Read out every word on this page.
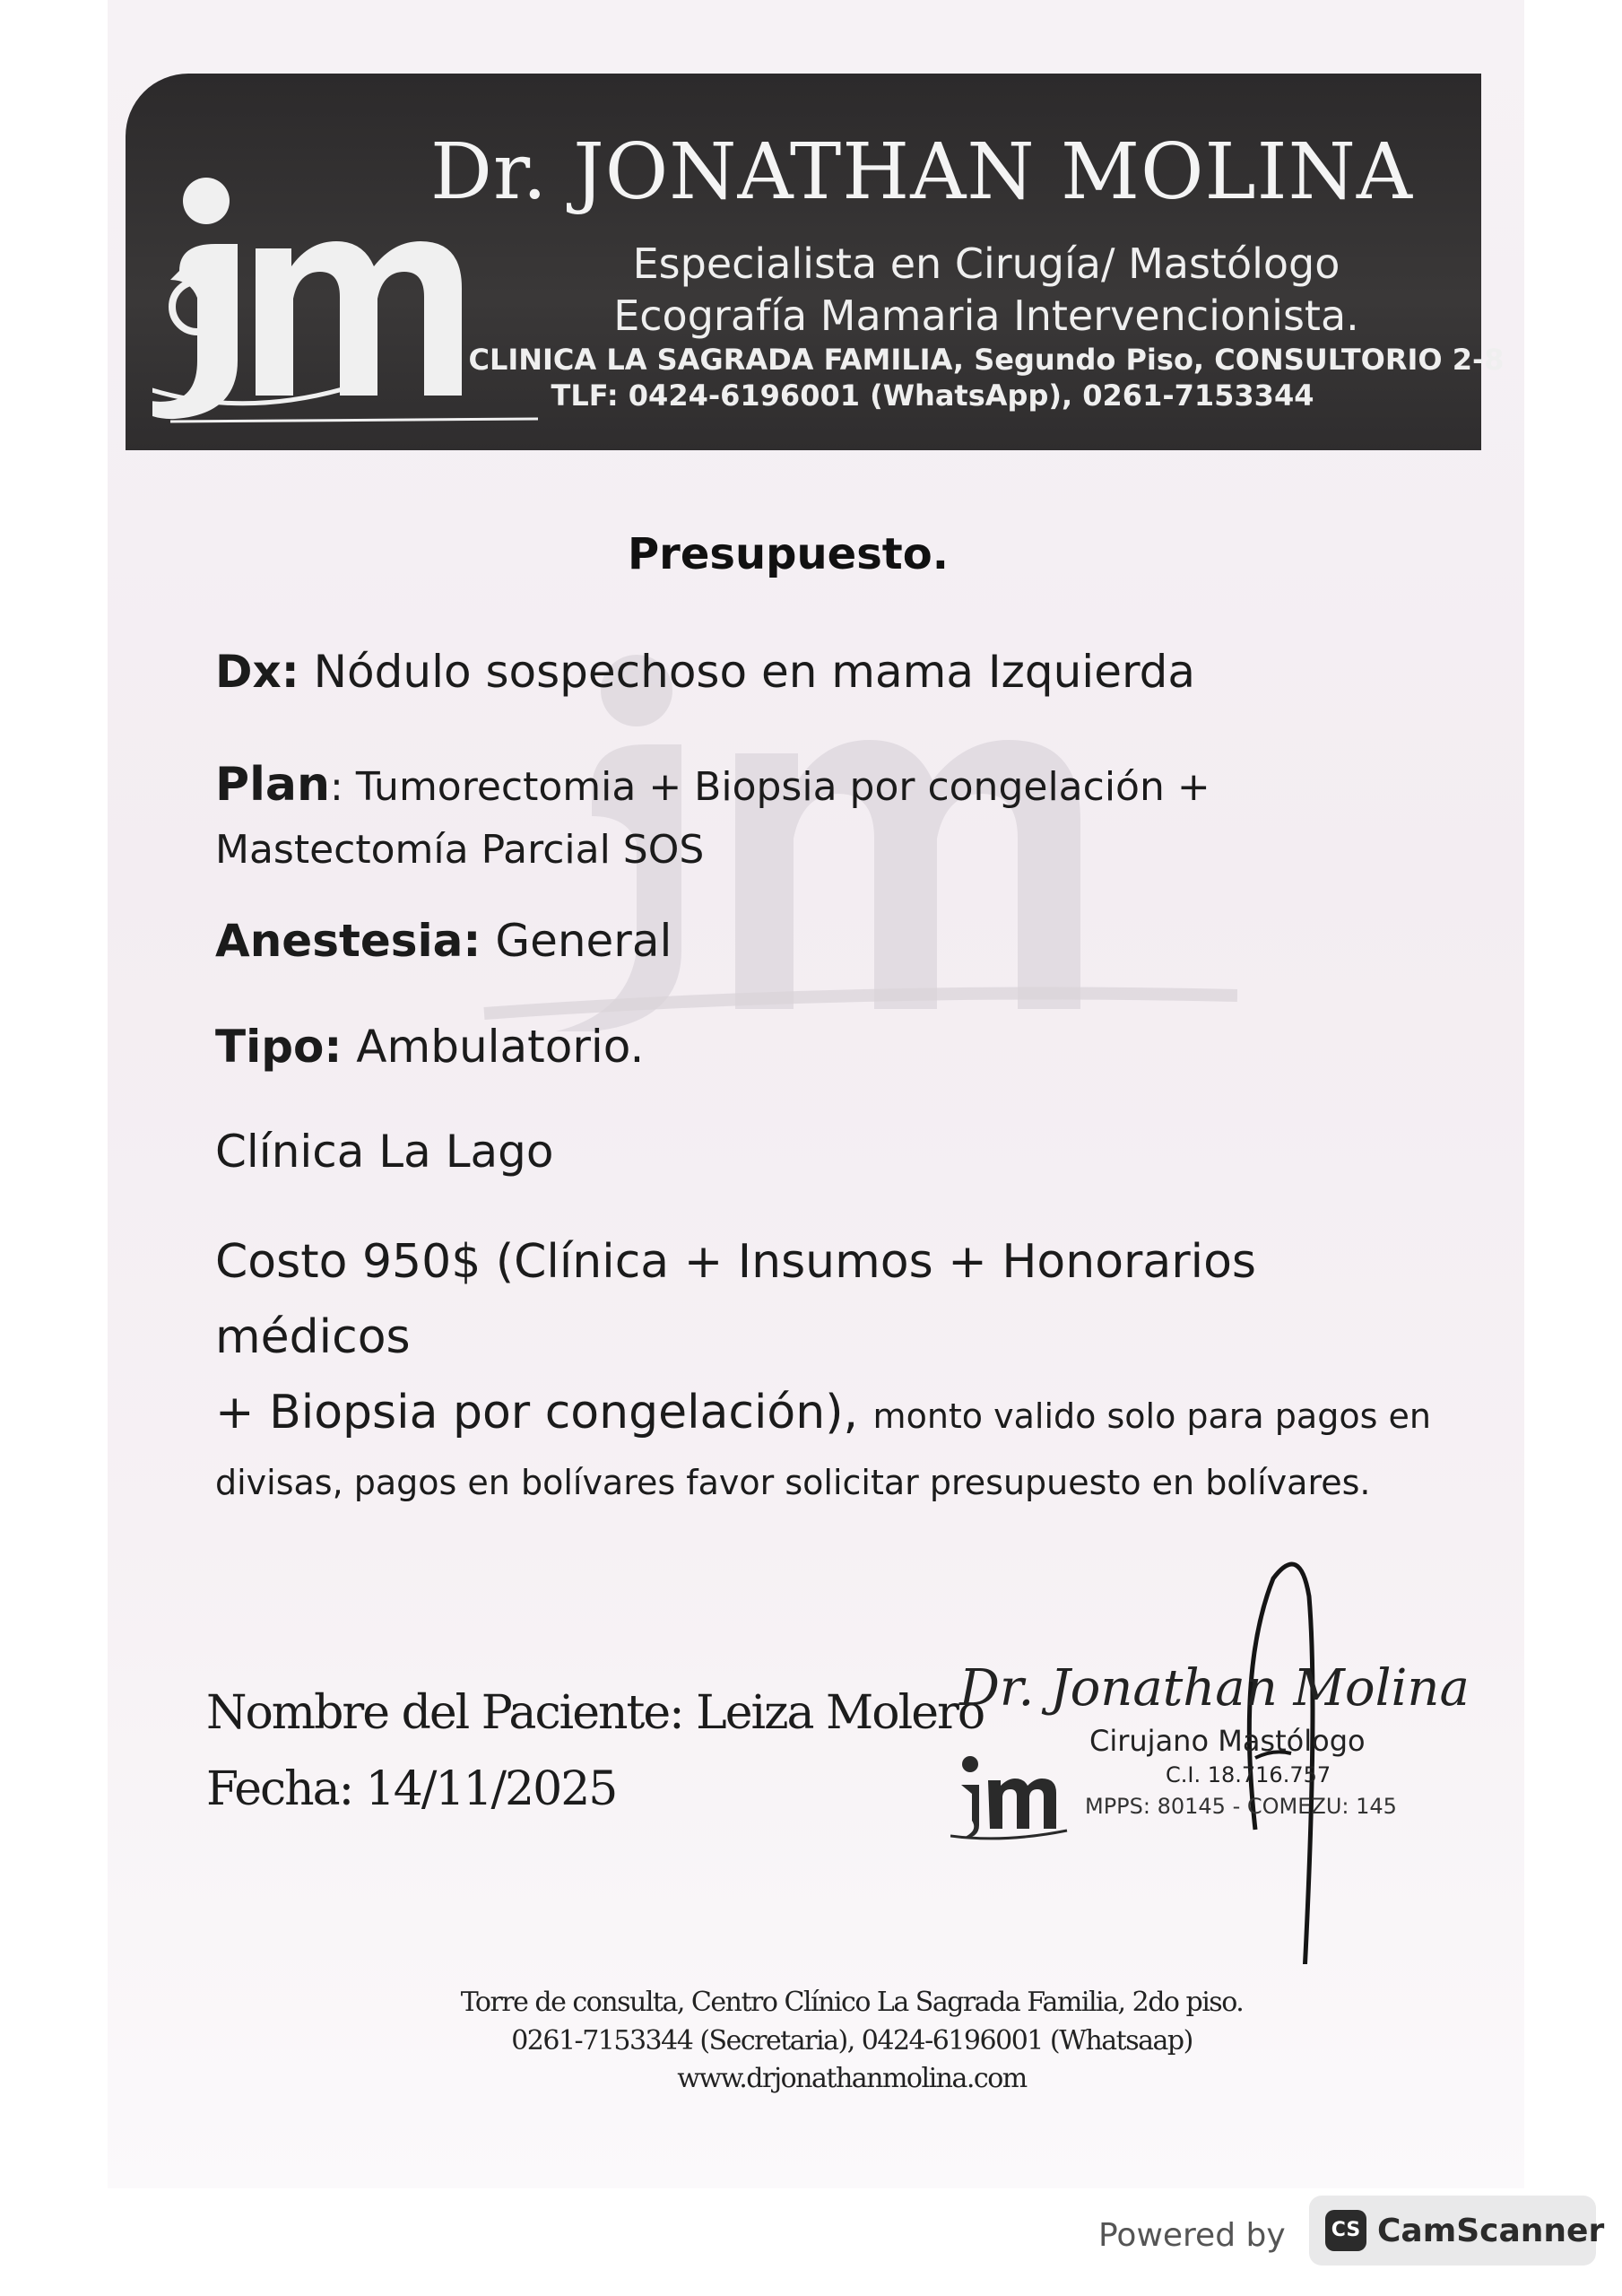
Dr. JONATHAN MOLINA
Especialista en Cirugía/ Mastólogo
Ecografía Mamaria Intervencionista.
CLINICA LA SAGRADA FAMILIA, Segundo Piso, CONSULTORIO 2-8
TLF: 0424-6196001 (WhatsApp), 0261-7153344
Presupuesto.
Dx: Nódulo sospechoso en mama Izquierda
Plan: Tumorectomia + Biopsia por congelación + Mastectomía Parcial SOS
Anestesia: General
Tipo: Ambulatorio.
Clínica La Lago
Costo 950$ (Clínica + Insumos + Honorarios médicos
+ Biopsia por congelación), monto valido solo para pagos en
divisas, pagos en bolívares favor solicitar presupuesto en bolívares.
Nombre del Paciente: Leiza Molero
Fecha: 14/11/2025
Dr. Jonathan Molina
Cirujano Mastólogo
C.I. 18.716.757
MPPS: 80145 - COMEZU: 145
Torre de consulta, Centro Clínico La Sagrada Familia, 2do piso.
0261-7153344 (Secretaria), 0424-6196001 (Whatsaap)
www.drjonathanmolina.com
Powered by	CS CamScanner
